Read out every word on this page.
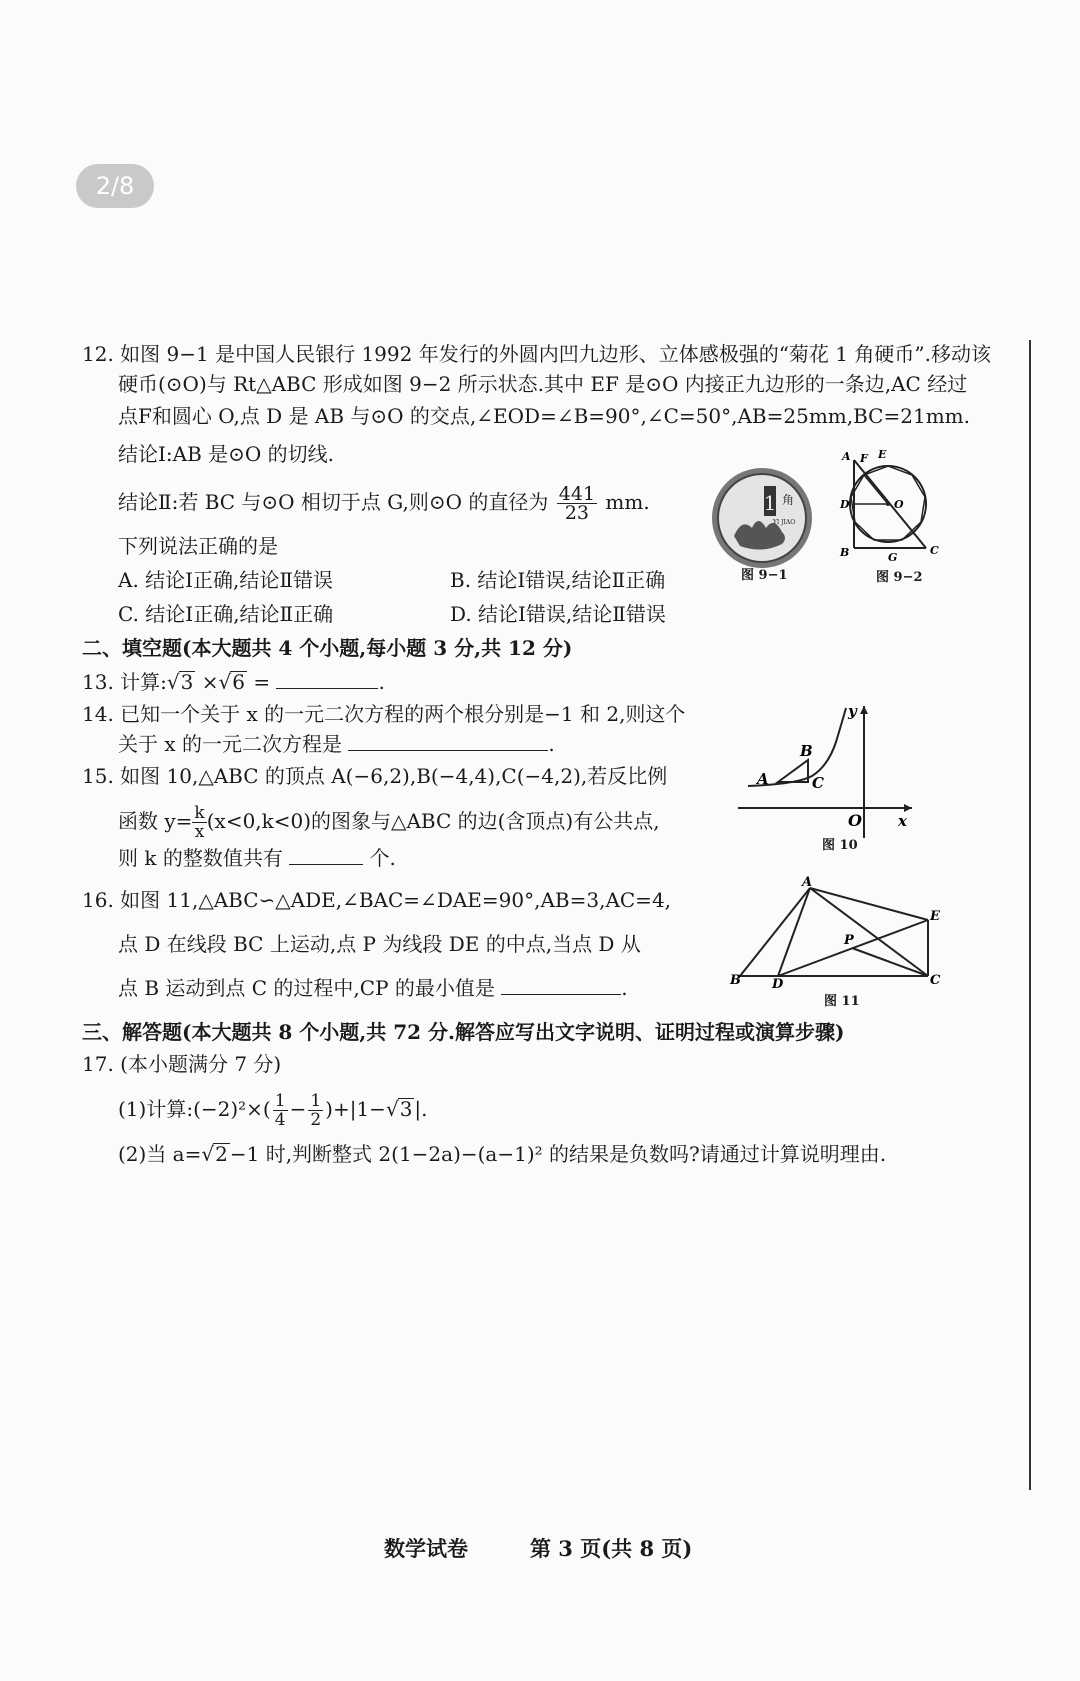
2/8
12. 如图 9−1 是中国人民银行 1992 年发行的外圆内凹九边形、立体感极强的“菊花 1 角硬币”.移动该
硬币(⊙O)与 Rt△ABC 形成如图 9−2 所示状态.其中 EF 是⊙O 内接正九边形的一条边,AC 经过
点F和圆心 O,点 D 是 AB 与⊙O 的交点,∠EOD=∠B=90°,∠C=50°,AB=25mm,BC=21mm.
结论Ⅰ:AB 是⊙O 的切线.
结论Ⅱ:若 BC 与⊙O 相切于点 G,则⊙O 的直径为 $\frac{441}{23}$ mm.
下列说法正确的是
A. 结论Ⅰ正确,结论Ⅱ错误	B. 结论Ⅰ错误,结论Ⅱ正确
C. 结论Ⅰ正确,结论Ⅱ正确	D. 结论Ⅰ错误,结论Ⅱ错误
1 角
YI JIAO
图 9−1
A F E
D	O
B	G
C
图 9−2
二、填空题(本大题共 4 个小题,每小题 3 分,共 12 分)
13. 计算:√3 ×√6 =	.
14. 已知一个关于 x 的一元二次方程的两个根分别是−1 和 2,则这个
关于 x 的一元二次方程是	.
15. 如图 10,△ABC 的顶点 A(−6,2),B(−4,4),C(−4,2),若反比例
函数 $y= \frac{k}{x} (x<0,k<0)$的图象与△ABC 的边(含顶点)有公共点,
则 k 的整数值共有	个.
A
B
C
O x
y
图 10
16. 如图 11,△ABC∽△ADE,∠BAC=∠DAE=90°,AB=3,AC=4,
点 D 在线段 BC 上运动,点 P 为线段 DE 的中点,当点 D 从
点 B 运动到点 C 的过程中,CP 的最小值是	.
A
E
P
B D	C
图 11
三、解答题(本大题共 8 个小题,共 72 分.解答应写出文字说明、证明过程或演算步骤)
17. (本小题满分 7 分)
(1)计算:(−2)²×( $\frac{1}{4} - \frac{1}{2} )+|1-√3$ |.
(2)当 a=√2 −1 时,判断整式 2(1−2a)−(a−1)² 的结果是负数吗?请通过计算说明理由.
数学试卷	第 3 页(共 8 页)
